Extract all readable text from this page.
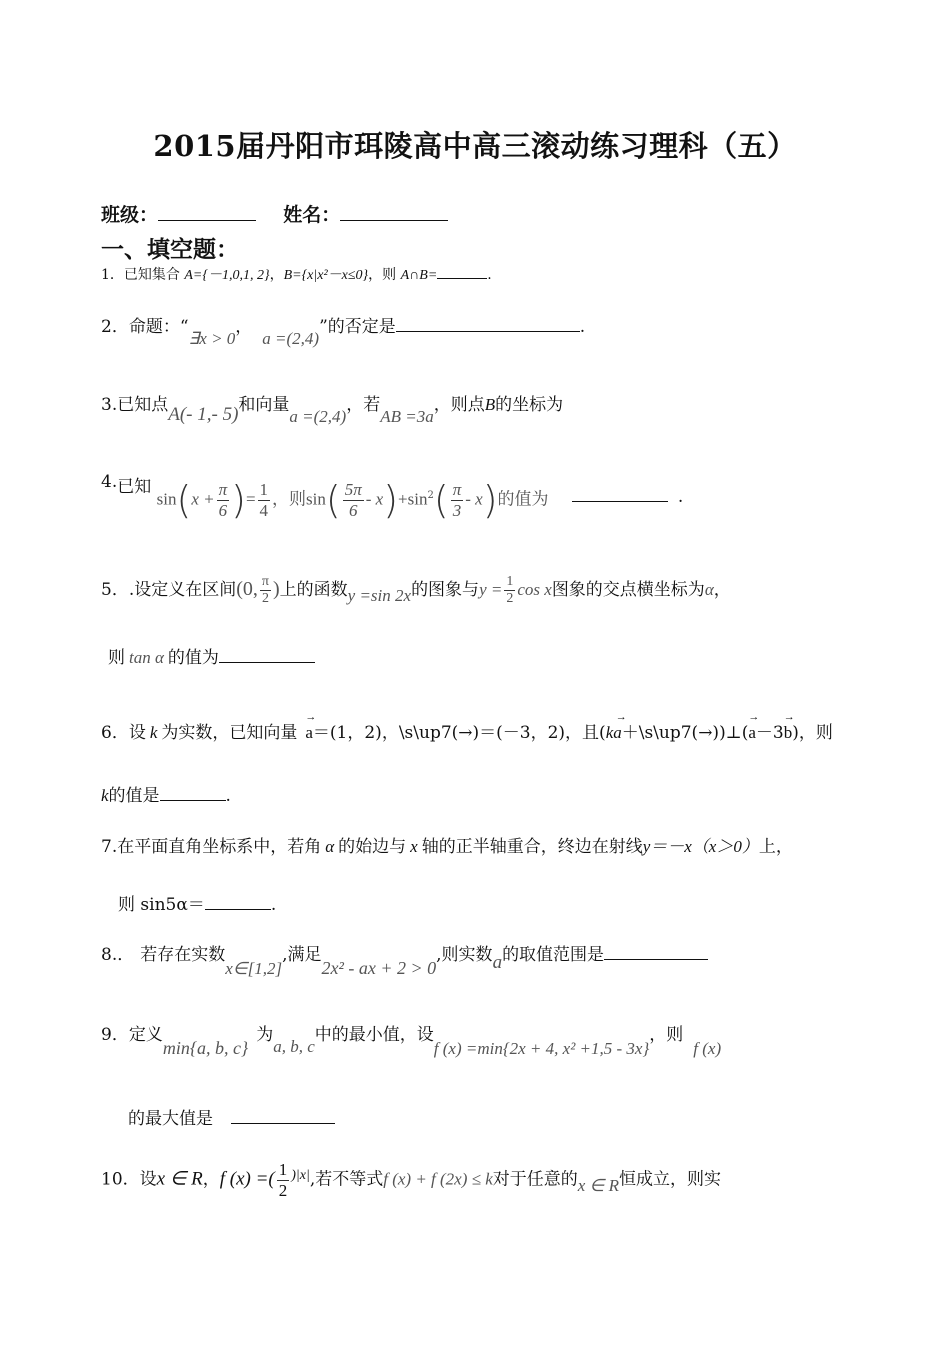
2015届丹阳市珥陵高中高三滚动练习理科（五）
班级：	姓名：
一、填空题：
1．已知集合 A={－1,0,1, 2}，B={x|x²－x≤0}，则 A∩B=	.
2．命题：“∃x > 0，a =(2,4)”的否定是	.
3.已知点A(- 1,- 5)和向量a =(2,4)，若AB =3a，则点B的坐标为
4.已知 $\sin(x + \frac{\pi}{6}$ )= $\frac{1}{4}$ ，则$\sin( \frac{5\pi}{6} - x)+\sin^2( \frac{\pi}{3} - x)$的值为	.
5．.设定义在区间(0, $\frac{\pi}{2}$ )上的函数y =sin 2x的图象与$y = \frac{1}{2}$ cos x图象的交点横坐标为α，
则 tan α 的值为
6．设 k 为实数，已知向量
→
a＝(1，2)，\s\up7(→)＝(－3，2)，且(
→
ka＋\s\up7(→))⊥(
→
a－3
→
b)，则
k的值是	.
7.在平面直角坐标系中，若角 α 的始边与 x 轴的正半轴重合，终边在射线y＝－x（x＞0）上，
则 sin5α＝	.
8.． 若存在实数x∈[1,2],满足2x² - ax + 2 > 0,则实数a的取值范围是
9．定义min{a, b, c}为a, b, c中的最小值，设f (x) =min{2x + 4, x² +1,5 - 3x}，则f (x)
的最大值是
10．设x ∈ R，f (x) =( $\frac{1}{2} ^{)|x|}$,若不等式f (x) + f (2x) ≤ k对于任意的x ∈ R恒成立，则实
